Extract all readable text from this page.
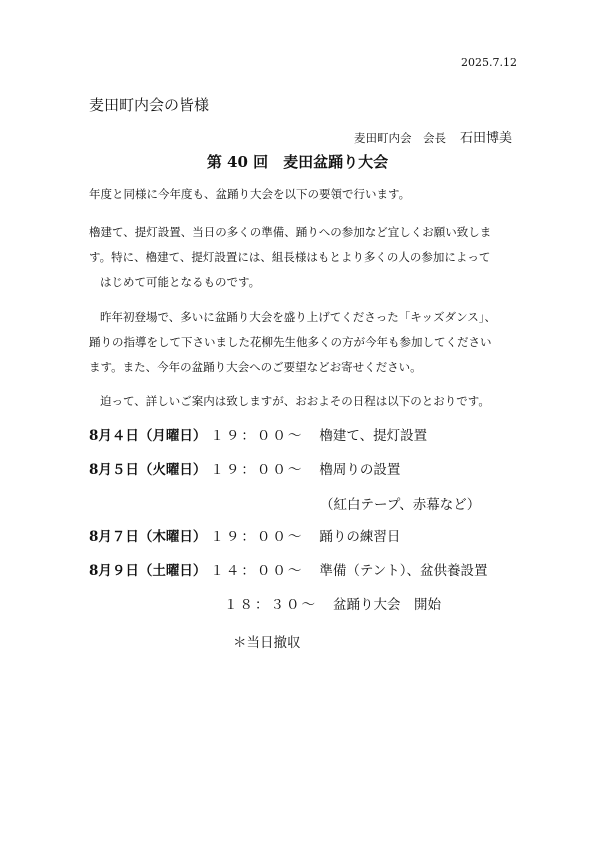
2025.7.12
麦田町内会の皆様
麦田町内会　会長 石田博美
第 40 回　麦田盆踊り大会
年度と同様に今年度も、盆踊り大会を以下の要領で行います。
櫓建て、提灯設置、当日の多くの準備、踊りへの参加など宜しくお願い致しま
す。特に、櫓建て、提灯設置には、組長様はもとより多くの人の参加によって
はじめて可能となるものです。
昨年初登場で、多いに盆踊り大会を盛り上げてくださった「キッズダンス」、
踊りの指導をして下さいました花柳先生他多くの方が今年も参加してください
ます。また、今年の盆踊り大会へのご要望などお寄せください。
迫って、詳しいご案内は致しますが、おおよその日程は以下のとおりです。
8月４日（月曜日） １９：００～ 櫓建て、提灯設置
8月５日（火曜日） １９：００～ 櫓周りの設置
（紅白テープ、赤幕など）
8月７日（木曜日） １９：００～ 踊りの練習日
8月９日（土曜日） １４：００～ 準備（テント）、盆供養設置
１８：３０～ 盆踊り大会　開始
＊当日撤収
